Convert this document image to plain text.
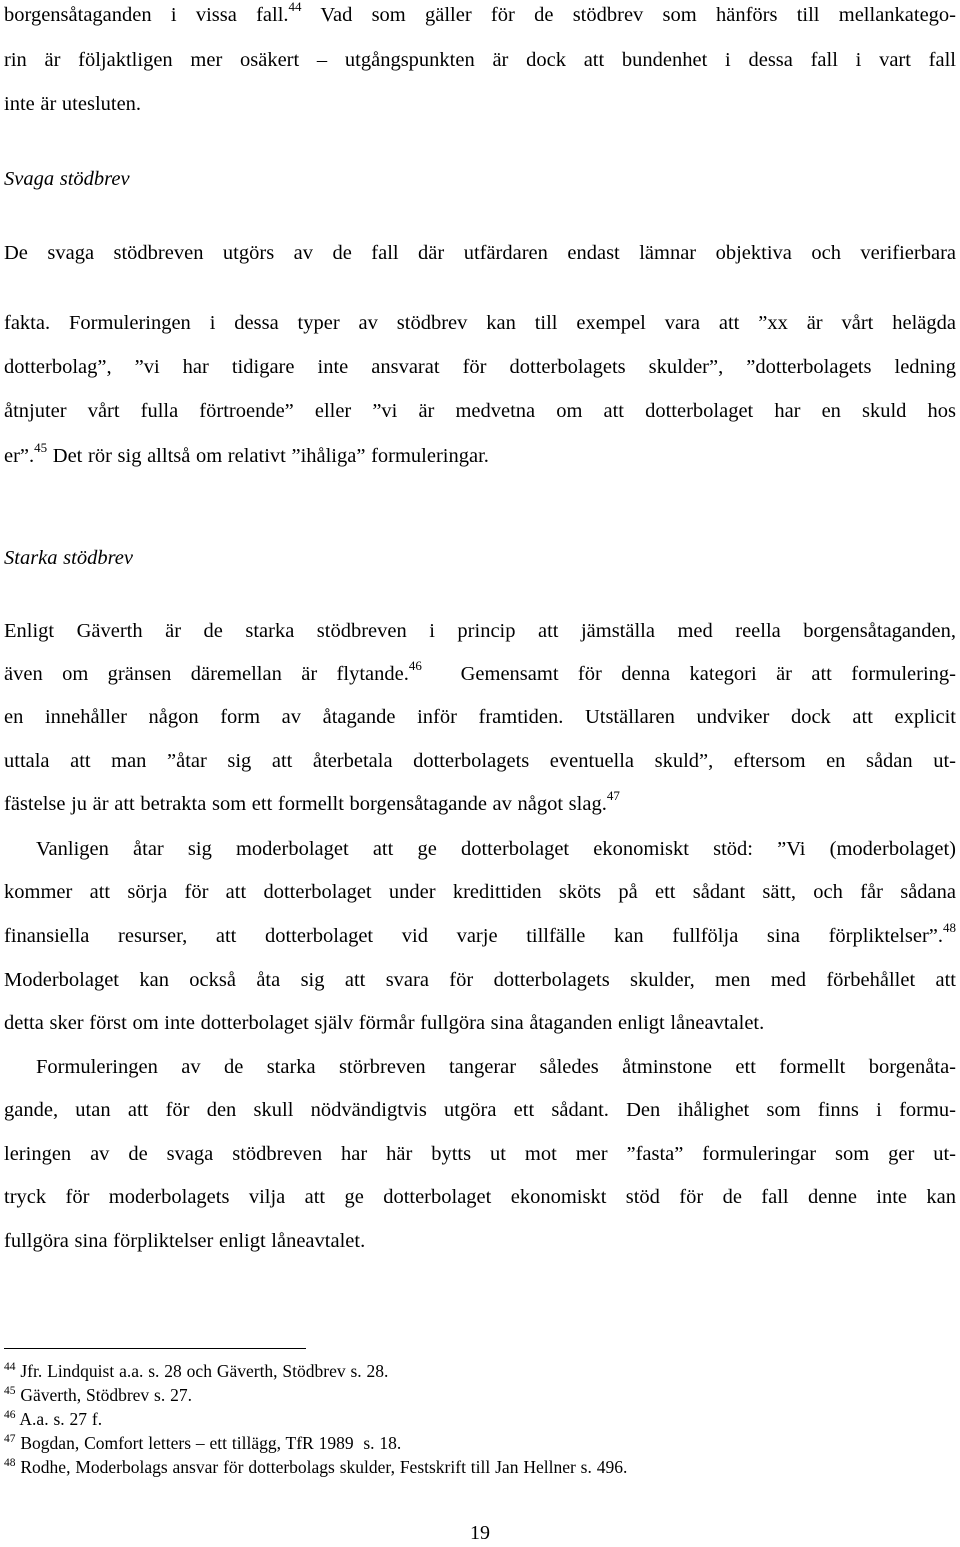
borgensåtaganden i vissa fall.$^{44}$ Vad som gäller för de stödbrev som hänförs till mellankatego-

rin är följaktligen mer osäkert – utgångspunkten är dock att bundenhet i dessa fall i vart fall

inte är utesluten.

Svaga stödbrev

De svaga stödbreven utgörs av de fall där utfärdaren endast lämnar objektiva och verifierbara

fakta. Formuleringen i dessa typer av stödbrev kan till exempel vara att ”xx är vårt helägda

dotterbolag”, ”vi har tidigare inte ansvarat för dotterbolagets skulder”, ”dotterbolagets ledning

åtnjuter vårt fulla förtroende” eller ”vi är medvetna om att dotterbolaget har en skuld hos

er”.$^{45}$ Det rör sig alltså om relativt ”ihåliga” formuleringar.

Starka stödbrev

Enligt Gäverth är de starka stödbreven i princip att jämställa med reella borgensåtaganden,

även om gränsen däremellan är flytande.$^{46}$  Gemensamt för denna kategori är att formulering-

en innehåller någon form av åtagande inför framtiden. Utställaren undviker dock att explicit

uttala att man ”åtar sig att återbetala dotterbolagets eventuella skuld”, eftersom en sådan ut-

fästelse ju är att betrakta som ett formellt borgensåtagande av något slag.$^{47}$

Vanligen åtar sig moderbolaget att ge dotterbolaget ekonomiskt stöd: ”Vi (moderbolaget)

kommer att sörja för att dotterbolaget under kredittiden sköts på ett sådant sätt, och får sådana

finansiella resurser, att dotterbolaget vid varje tillfälle kan fullfölja sina förpliktelser”.$^{48}$

Moderbolaget kan också åta sig att svara för dotterbolagets skulder, men med förbehållet att

detta sker först om inte dotterbolaget själv förmår fullgöra sina åtaganden enligt låneavtalet.

Formuleringen av de starka störbreven tangerar således åtminstone ett formellt borgenåta-

gande, utan att för den skull nödvändigtvis utgöra ett sådant. Den ihålighet som finns i formu-

leringen av de svaga stödbreven har här bytts ut mot mer ”fasta” formuleringar som ger ut-

tryck för moderbolagets vilja att ge dotterbolaget ekonomiskt stöd för de fall denne inte kan

fullgöra sina förpliktelser enligt låneavtalet.

$^{44}$ Jfr. Lindquist a.a. s. 28 och Gäverth, Stödbrev s. 28.

$^{45}$ Gäverth, Stödbrev s. 27.

$^{46}$ A.a. s. 27 f.

$^{47}$ Bogdan, Comfort letters – ett tillägg, TfR 1989  s. 18.

$^{48}$ Rodhe, Moderbolags ansvar för dotterbolags skulder, Festskrift till Jan Hellner s. 496.

19
